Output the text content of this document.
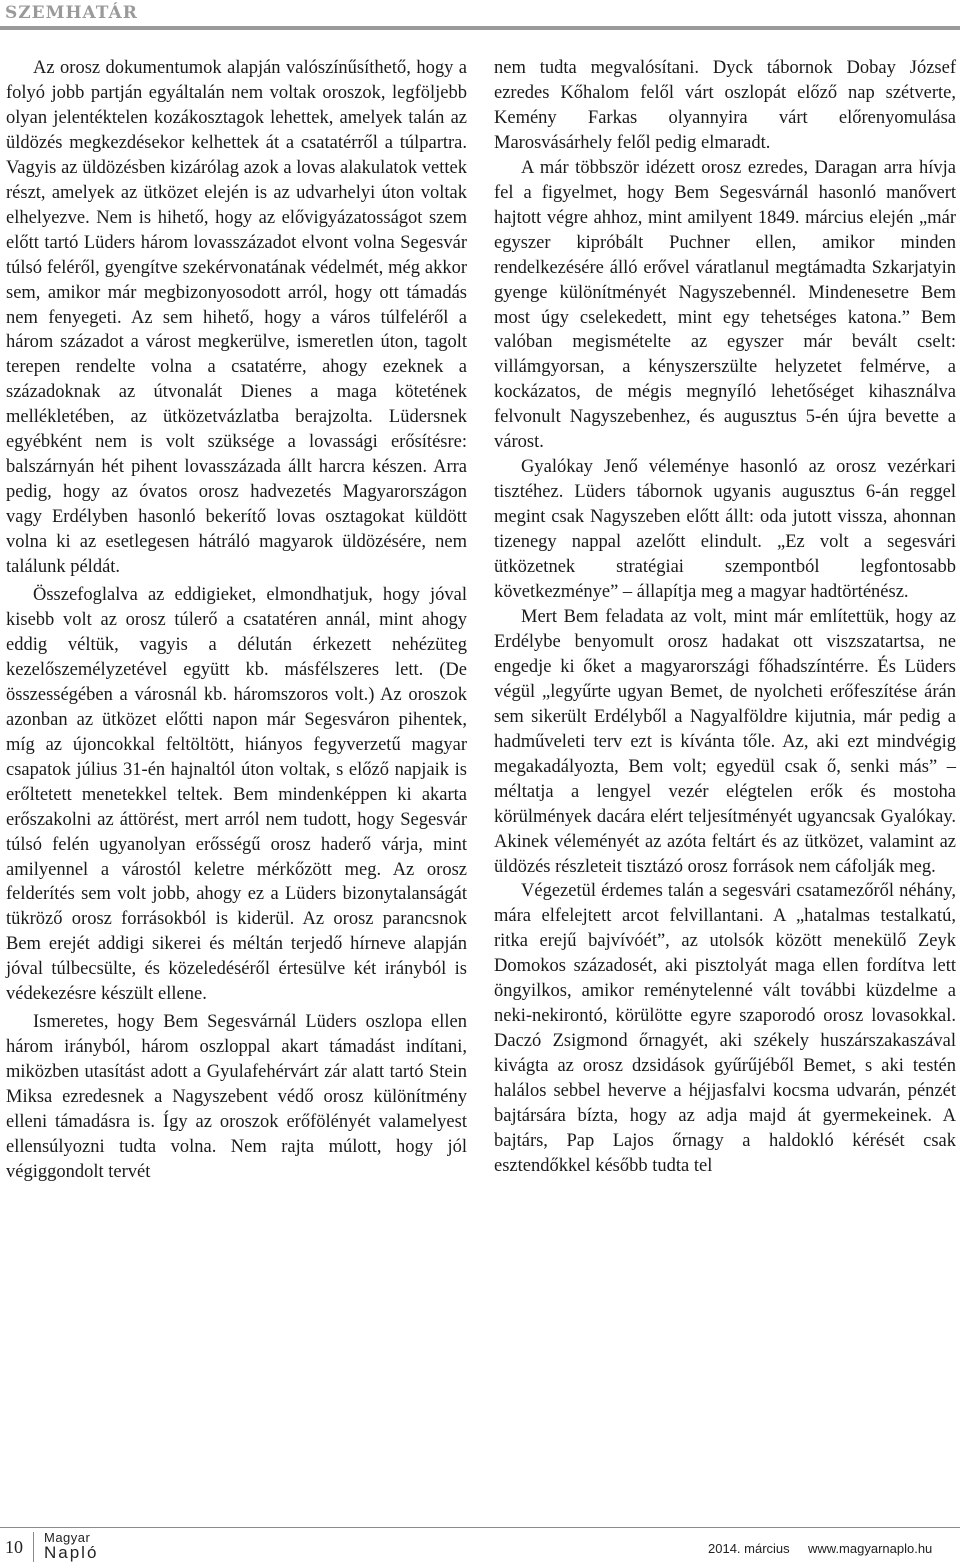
SZEMHATÁR

Az orosz dokumentumok alapján valószínűsíthető, hogy a folyó jobb partján egyáltalán nem voltak oroszok, legföljebb olyan jelentéktelen kozákosztagok lehettek, amelyek talán az üldözés megkezdésekor kelhettek át a csatatérről a túlpartra. Vagyis az üldözésben kizárólag azok a lovas alakulatok vettek részt, amelyek az ütközet elején is az udvarhelyi úton voltak elhelyezve. Nem is hihető, hogy az elővigyázatosságot szem előtt tartó Lüders három lovasszázadot elvont volna Segesvár túlsó feléről, gyengítve szekérvonatának védelmét, még akkor sem, amikor már megbizonyosodott arról, hogy ott támadás nem fenyegeti. Az sem hihető, hogy a város túlfeléről a három századot a várost megkerülve, ismeretlen úton, tagolt terepen rendelte volna a csatatérre, ahogy ezeknek a századoknak az útvonalát Dienes a maga kötetének mellékletében, az ütközetvázlatba berajzolta. Lüdersnek egyébként nem is volt szüksége a lovassági erősítésre: balszárnyán hét pihent lovasszázada állt harcra készen. Arra pedig, hogy az óvatos orosz hadvezetés Magyarországon vagy Erdélyben hasonló bekerítő lovas osztagokat küldött volna ki az esetlegesen hátráló magyarok üldözésére, nem találunk példát.

Összefoglalva az eddigieket, elmondhatjuk, hogy jóval kisebb volt az orosz túlerő a csatatéren annál, mint ahogy eddig véltük, vagyis a délután érkezett nehézüteg kezelőszemélyzetével együtt kb. másfélszeres lett. (De összességében a városnál kb. háromszoros volt.) Az oroszok azonban az ütközet előtti napon már Segesváron pihentek, míg az újoncokkal feltöltött, hiányos fegyverzetű magyar csapatok július 31-én hajnaltól úton voltak, s előző napjaik is erőltetett menetekkel teltek. Bem mindenképpen ki akarta erőszakolni az áttörést, mert arról nem tudott, hogy Segesvár túlsó felén ugyanolyan erősségű orosz haderő várja, mint amilyennel a várostól keletre mérkőzött meg. Az orosz felderítés sem volt jobb, ahogy ez a Lüders bizonytalanságát tükröző orosz forrásokból is kiderül. Az orosz parancsnok Bem erejét addigi sikerei és méltán terjedő hírneve alapján jóval túlbecsülte, és közeledéséről értesülve két irányból is védekezésre készült ellene.

Ismeretes, hogy Bem Segesvárnál Lüders oszlopa ellen három irányból, három oszloppal akart támadást indítani, miközben utasítást adott a Gyulafehérvárt zár alatt tartó Stein Miksa ezredesnek a Nagyszebent védő orosz különítmény elleni támadásra is. Így az oroszok erőfölényét valamelyest ellensúlyozni tudta volna. Nem rajta múlott, hogy jól végiggondolt tervét

nem tudta megvalósítani. Dyck tábornok Dobay József ezredes Kőhalom felől várt oszlopát előző nap szétverte, Kemény Farkas olyannyira várt előrenyomulása Marosvásárhely felől pedig elmaradt.

A már többször idézett orosz ezredes, Daragan arra hívja fel a figyelmet, hogy Bem Segesvárnál hasonló manővert hajtott végre ahhoz, mint amilyent 1849. március elején „már egyszer kipróbált Puchner ellen, amikor minden rendelkezésére álló erővel váratlanul megtámadta Szkarjatyin gyenge különítményét Nagyszebennél. Mindenesetre Bem most úgy cselekedett, mint egy tehetséges katona.” Bem valóban megismételte az egyszer már bevált cselt: villámgyorsan, a kényszerszülte helyzetet felmérve, a kockázatos, de mégis megnyíló lehetőséget kihasználva felvonult Nagyszebenhez, és augusztus 5-én újra bevette a várost.

Gyalókay Jenő véleménye hasonló az orosz vezérkari tisztéhez. Lüders tábornok ugyanis augusztus 6-án reggel megint csak Nagyszeben előtt állt: oda jutott vissza, ahonnan tizenegy nappal azelőtt elindult. „Ez volt a segesvári ütközetnek stratégiai szempontból legfontosabb következménye” – állapítja meg a magyar hadtörténész.

Mert Bem feladata az volt, mint már említettük, hogy az Erdélybe benyomult orosz hadakat ott viszszatartsa, ne engedje ki őket a magyarországi főhadszíntérre. És Lüders végül „legyűrte ugyan Bemet, de nyolcheti erőfeszítése árán sem sikerült Erdélyből a Nagyalföldre kijutnia, már pedig a hadműveleti terv ezt is kívánta tőle. Az, aki ezt mindvégig megakadályozta, Bem volt; egyedül csak ő, senki más” – méltatja a lengyel vezér elégtelen erők és mostoha körülmények dacára elért teljesítményét ugyancsak Gyalókay. Akinek véleményét az azóta feltárt és az ütközet, valamint az üldözés részleteit tisztázó orosz források nem cáfolják meg.

Végezetül érdemes talán a segesvári csatamezőről néhány, mára elfelejtett arcot felvillantani. A „hatalmas testalkatú, ritka erejű bajvívóét”, az utolsók között menekülő Zeyk Domokos századosét, aki pisztolyát maga ellen fordítva lett öngyilkos, amikor reménytelenné vált további küzdelme a neki-nekirontó, körülötte egyre szaporodó orosz lovasokkal. Daczó Zsigmond őrnagyét, aki székely huszárszakaszával kivágta az orosz dzsidások gyűrűjéből Bemet, s aki testén halálos sebbel heverve a héjjasfalvi kocsma udvarán, pénzét bajtársára bízta, hogy az adja majd át gyermekeinek. A bajtárs, Pap Lajos őrnagy a haldokló kérését csak esztendőkkel később tudta tel

10 Magyar
Napló	2014. március www.magyarnaplo.hu
